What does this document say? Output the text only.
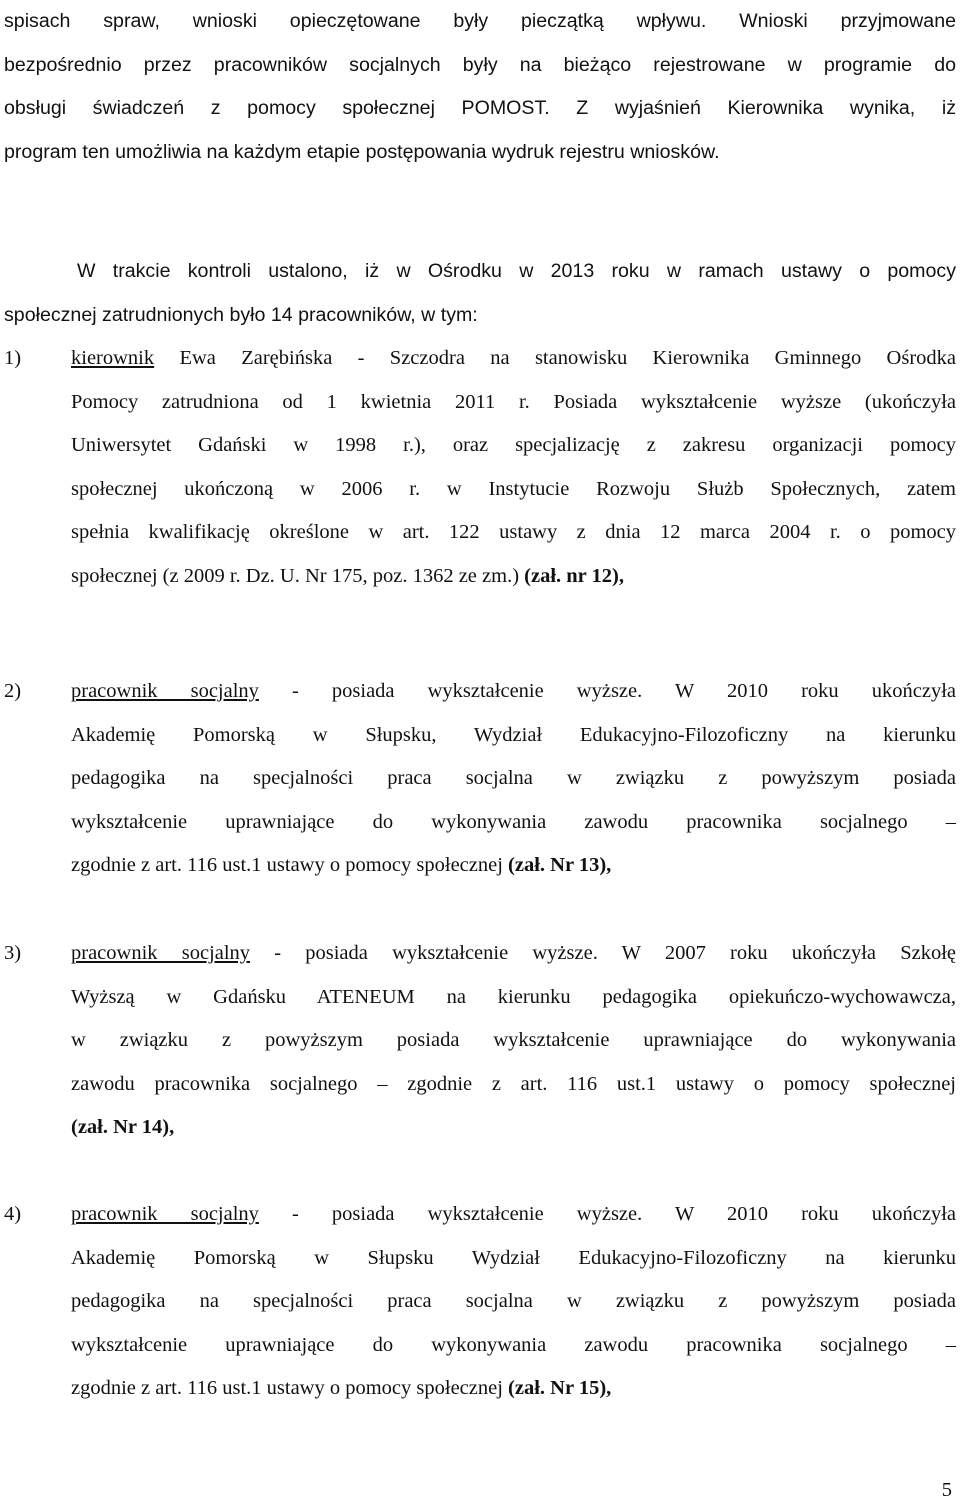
spisach spraw, wnioski opieczętowane były pieczątką wpływu. Wnioski przyjmowane
bezpośrednio przez pracowników socjalnych były na bieżąco rejestrowane w programie do
obsługi świadczeń z pomocy społecznej POMOST. Z wyjaśnień Kierownika wynika, iż
program ten umożliwia na każdym etapie postępowania wydruk rejestru wniosków.
W trakcie kontroli ustalono, iż w Ośrodku w 2013 roku w ramach ustawy o pomocy
społecznej zatrudnionych było 14 pracowników, w tym:
1) kierownik Ewa Zarębińska - Szczodra na stanowisku Kierownika Gminnego Ośrodka
Pomocy zatrudniona od 1 kwietnia 2011 r. Posiada wykształcenie wyższe (ukończyła
Uniwersytet Gdański w 1998 r.), oraz specjalizację z zakresu organizacji pomocy
społecznej ukończoną w 2006 r. w Instytucie Rozwoju Służb Społecznych, zatem
spełnia kwalifikację określone w art. 122 ustawy z dnia 12 marca 2004 r. o pomocy
społecznej (z 2009 r. Dz. U. Nr 175, poz. 1362 ze zm.) (zał. nr 12),
2) pracownik socjalny - posiada wykształcenie wyższe. W 2010 roku ukończyła
Akademię Pomorską w Słupsku, Wydział Edukacyjno-Filozoficzny na kierunku
pedagogika na specjalności praca socjalna w związku z powyższym posiada
wykształcenie uprawniające do wykonywania zawodu pracownika socjalnego –
zgodnie z art. 116 ust.1 ustawy o pomocy społecznej (zał. Nr 13),
3) pracownik socjalny - posiada wykształcenie wyższe. W 2007 roku ukończyła Szkołę
Wyższą w Gdańsku ATENEUM na kierunku pedagogika opiekuńczo-wychowawcza,
w związku z powyższym posiada wykształcenie uprawniające do wykonywania
zawodu pracownika socjalnego – zgodnie z art. 116 ust.1 ustawy o pomocy społecznej
(zał. Nr 14),
4) pracownik socjalny - posiada wykształcenie wyższe. W 2010 roku ukończyła
Akademię Pomorską w Słupsku Wydział Edukacyjno-Filozoficzny na kierunku
pedagogika na specjalności praca socjalna w związku z powyższym posiada
wykształcenie uprawniające do wykonywania zawodu pracownika socjalnego –
zgodnie z art. 116 ust.1 ustawy o pomocy społecznej (zał. Nr 15),
5
